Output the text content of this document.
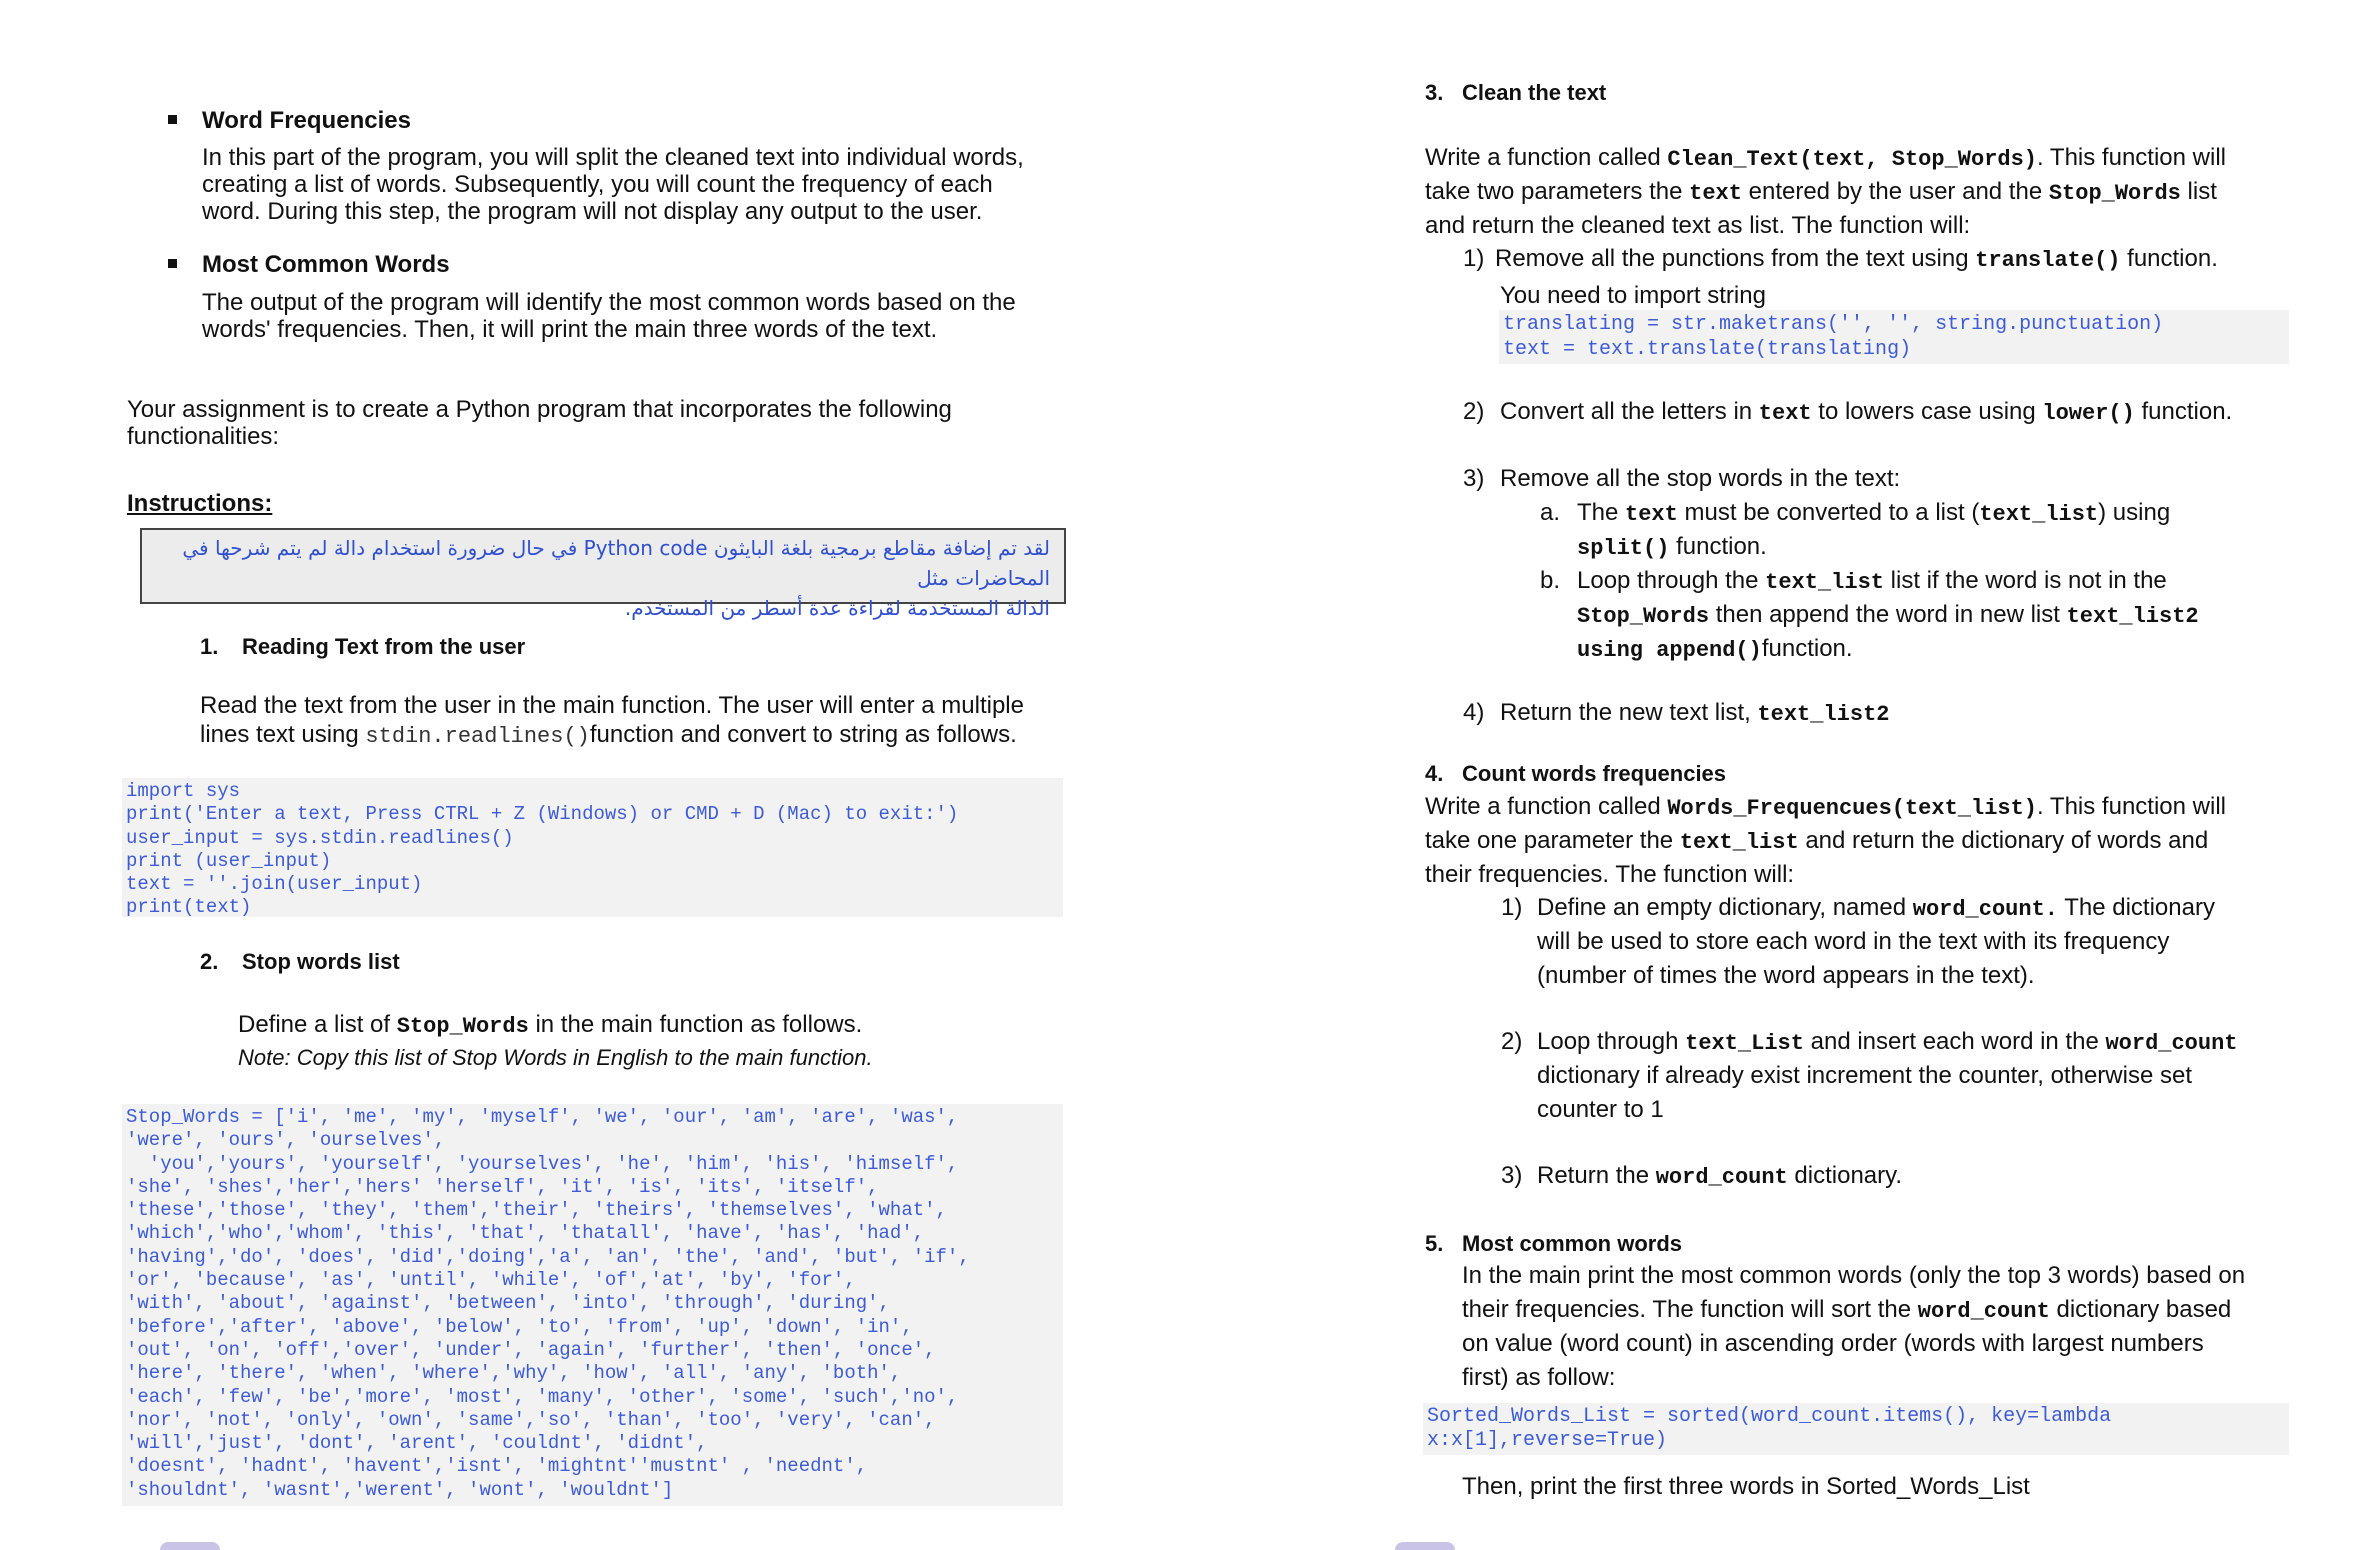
Word Frequencies
In this part of the program, you will split the cleaned text into individual words,
creating a list of words. Subsequently, you will count the frequency of each
word. During this step, the program will not display any output to the user.
Most Common Words
The output of the program will identify the most common words based on the
words' frequencies. Then, it will print the main three words of the text.
Your assignment is to create a Python program that incorporates the following
functionalities:
Instructions:
لقد تم إضافة مقاطع برمجية بلغة البايثون Python code في حال ضرورة استخدام دالة لم يتم شرحها في المحاضرات مثل
الدالة المستخدمة لقراءة عدة أسطر من المستخدم.
1. Reading Text from the user
Read the text from the user in the main function. The user will enter a multiple
lines text using stdin.readlines()function and convert to string as follows.
import sys
print('Enter a text, Press CTRL + Z (Windows) or CMD + D (Mac) to exit:')
user_input = sys.stdin.readlines()
print (user_input)
text = ''.join(user_input)
print(text)
2. Stop words list
Define a list of Stop_Words in the main function as follows.
Note: Copy this list of Stop Words in English to the main function.
Stop_Words = ['i', 'me', 'my', 'myself', 'we', 'our', 'am', 'are', 'was',
'were', 'ours', 'ourselves',
'you','yours', 'yourself', 'yourselves', 'he', 'him', 'his', 'himself',
'she', 'shes','her','hers' 'herself', 'it', 'is', 'its', 'itself',
'these','those', 'they', 'them','their', 'theirs', 'themselves', 'what',
'which','who','whom', 'this', 'that', 'thatall', 'have', 'has', 'had',
'having','do', 'does', 'did','doing','a', 'an', 'the', 'and', 'but', 'if',
'or', 'because', 'as', 'until', 'while', 'of','at', 'by', 'for',
'with', 'about', 'against', 'between', 'into', 'through', 'during',
'before','after', 'above', 'below', 'to', 'from', 'up', 'down', 'in',
'out', 'on', 'off','over', 'under', 'again', 'further', 'then', 'once',
'here', 'there', 'when', 'where','why', 'how', 'all', 'any', 'both',
'each', 'few', 'be','more', 'most', 'many', 'other', 'some', 'such','no',
'nor', 'not', 'only', 'own', 'same','so', 'than', 'too', 'very', 'can',
'will','just', 'dont', 'arent', 'couldnt', 'didnt',
'doesnt', 'hadnt', 'havent','isnt', 'mightnt''mustnt' , 'neednt',
'shouldnt', 'wasnt','werent', 'wont', 'wouldnt']
3. Clean the text
Write a function called Clean_Text(text, Stop_Words). This function will
take two parameters the text entered by the user and the Stop_Words list
and return the cleaned text as list. The function will:
1) Remove all the punctions from the text using translate() function.
You need to import string
translating = str.maketrans('', '', string.punctuation)
text = text.translate(translating)
2) Convert all the letters in text to lowers case using lower() function.
3) Remove all the stop words in the text:
a. The text must be converted to a list (text_list) using
split() function.
b. Loop through the text_list list if the word is not in the
Stop_Words then append the word in new list text_list2
using append()function.
4) Return the new text list, text_list2
4. Count words frequencies
Write a function called Words_Frequencues(text_list). This function will
take one parameter the text_list and return the dictionary of words and
their frequencies. The function will:
1) Define an empty dictionary, named word_count. The dictionary
will be used to store each word in the text with its frequency
(number of times the word appears in the text).
2) Loop through text_List and insert each word in the word_count
dictionary if already exist increment the counter, otherwise set
counter to 1
3) Return the word_count dictionary.
5. Most common words
In the main print the most common words (only the top 3 words) based on
their frequencies. The function will sort the word_count dictionary based
on value (word count) in ascending order (words with largest numbers
first) as follow:
Sorted_Words_List = sorted(word_count.items(), key=lambda
x:x[1],reverse=True)
Then, print the first three words in Sorted_Words_List
